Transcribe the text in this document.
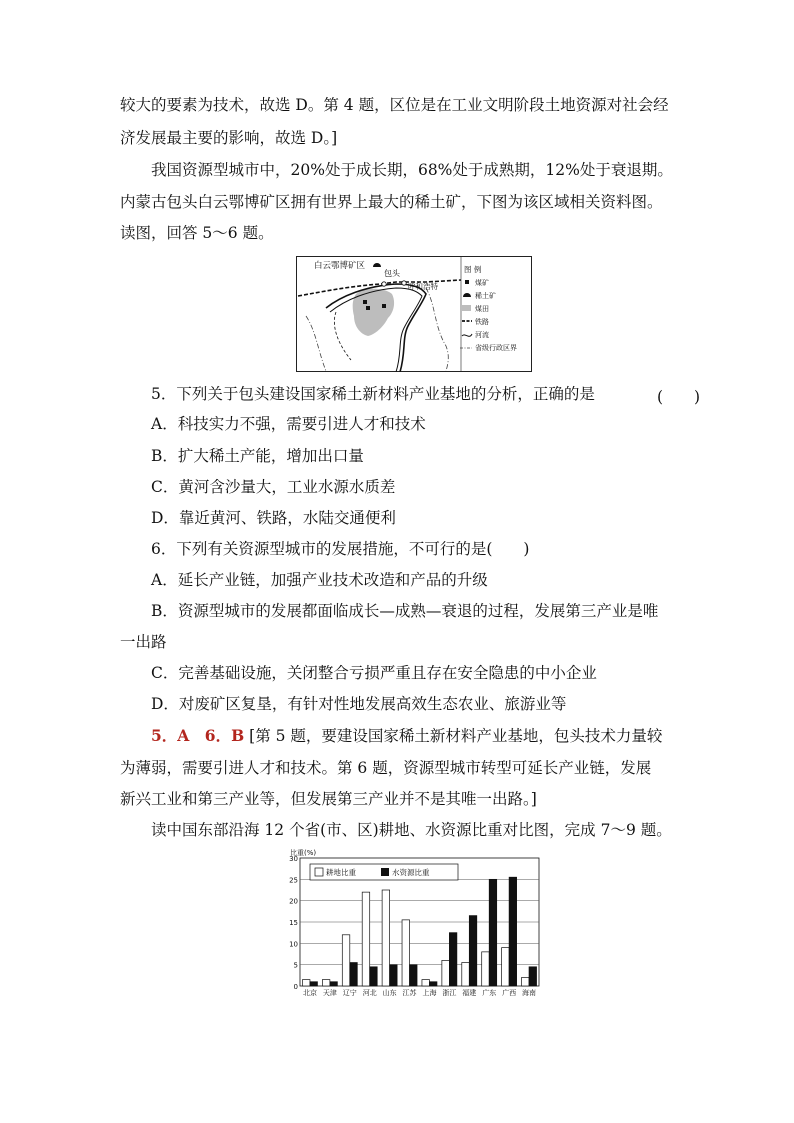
较大的要素为技术，故选 D。第 4 题，区位是在工业文明阶段土地资源对社会经
济发展最主要的影响，故选 D。]
我国资源型城市中，20%处于成长期，68%处于成熟期，12%处于衰退期。
内蒙古包头白云鄂博矿区拥有世界上最大的稀土矿，下图为该区域相关资料图。
读图，回答 5～6 题。
白云鄂博矿区
包头
呼和浩特
图 例
煤矿
稀土矿
煤田
铁路
河流
省级行政区界
5．下列关于包头建设国家稀土新材料产业基地的分析，正确的是	(　　)
A．科技实力不强，需要引进人才和技术
B．扩大稀土产能，增加出口量
C．黄河含沙量大，工业水源水质差
D．靠近黄河、铁路，水陆交通便利
6．下列有关资源型城市的发展措施，不可行的是(　　)
A．延长产业链，加强产业技术改造和产品的升级
B．资源型城市的发展都面临成长—成熟—衰退的过程，发展第三产业是唯
一出路
C．完善基础设施，关闭整合亏损严重且存在安全隐患的中小企业
D．对废矿区复垦，有针对性地发展高效生态农业、旅游业等
5．A　6．B [第 5 题，要建设国家稀土新材料产业基地，包头技术力量较
为薄弱，需要引进人才和技术。第 6 题，资源型城市转型可延长产业链，发展
新兴工业和第三产业等，但发展第三产业并不是其唯一出路。]
读中国东部沿海 12 个省(市、区)耕地、水资源比重对比图，完成 7～9 题。
0
5
10
15
20
25
30
比重(%)
耕地比重	水资源比重
北京 天津 辽宁 河北 山东 江苏 上海 浙江 福建 广东 广西 海南
